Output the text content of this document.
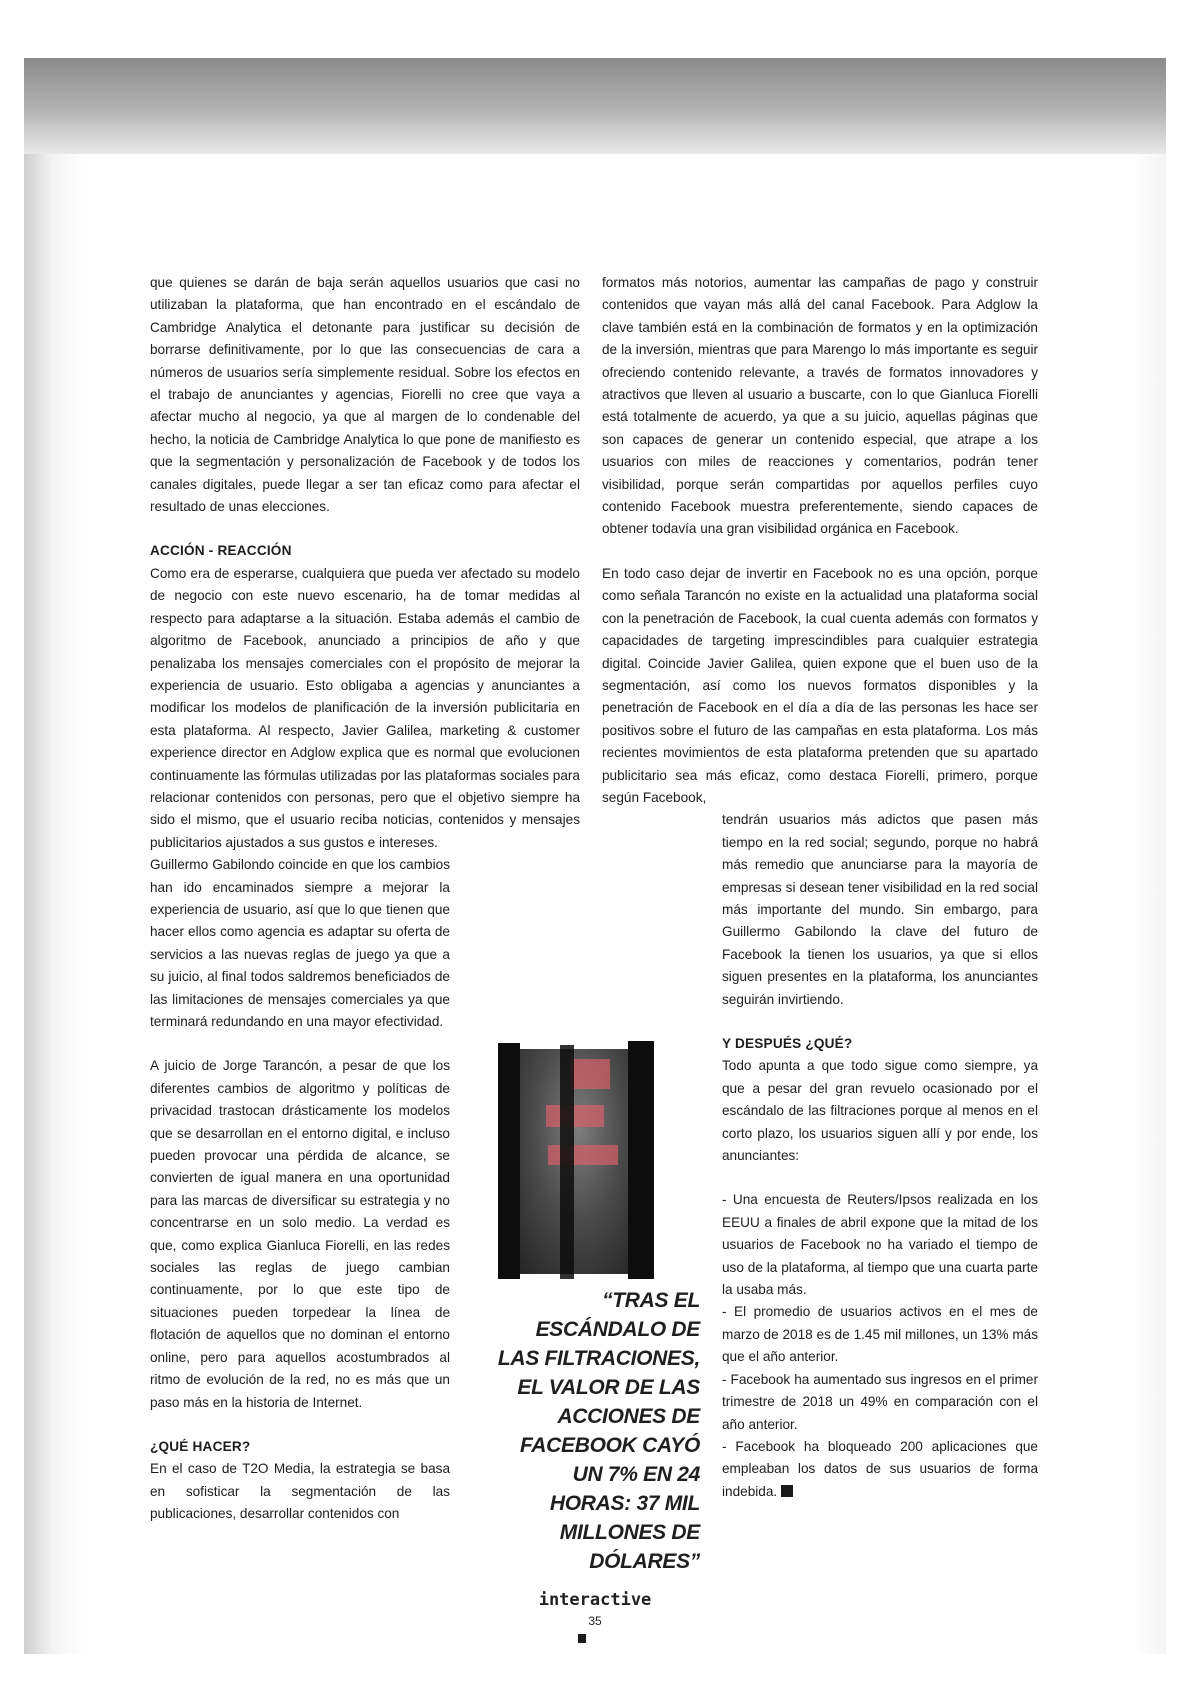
que quienes se darán de baja serán aquellos usuarios que casi no utilizaban la plataforma, que han encontrado en el escándalo de Cambridge Analytica el detonante para justificar su decisión de borrarse definitivamente, por lo que las consecuencias de cara a números de usuarios sería simplemente residual. Sobre los efectos en el trabajo de anunciantes y agencias, Fiorelli no cree que vaya a afectar mucho al negocio, ya que al margen de lo condenable del hecho, la noticia de Cambridge Analytica lo que pone de manifiesto es que la segmentación y personalización de Facebook y de todos los canales digitales, puede llegar a ser tan eficaz como para afectar el resultado de unas elecciones.

ACCIÓN - REACCIÓN

Como era de esperarse, cualquiera que pueda ver afectado su modelo de negocio con este nuevo escenario, ha de tomar medidas al respecto para adaptarse a la situación. Estaba además el cambio de algoritmo de Facebook, anunciado a principios de año y que penalizaba los mensajes comerciales con el propósito de mejorar la experiencia de usuario. Esto obligaba a agencias y anunciantes a modificar los modelos de planificación de la inversión publicitaria en esta plataforma. Al respecto, Javier Galilea, marketing & customer experience director en Adglow explica que es normal que evolucionen continuamente las fórmulas utilizadas por las plataformas sociales para relacionar contenidos con personas, pero que el objetivo siempre ha sido el mismo, que el usuario reciba noticias, contenidos y mensajes publicitarios ajustados a sus gustos e intereses.

Guillermo Gabilondo coincide en que los cambios han ido encaminados siempre a mejorar la experiencia de usuario, así que lo que tienen que hacer ellos como agencia es adaptar su oferta de servicios a las nuevas reglas de juego ya que a su juicio, al final todos saldremos beneficiados de las limitaciones de mensajes comerciales ya que terminará redundando en una mayor efectividad.

A juicio de Jorge Tarancón, a pesar de que los diferentes cambios de algoritmo y políticas de privacidad trastocan drásticamente los modelos que se desarrollan en el entorno digital, e incluso pueden provocar una pérdida de alcance, se convierten de igual manera en una oportunidad para las marcas de diversificar su estrategia y no concentrarse en un solo medio. La verdad es que, como explica Gianluca Fiorelli, en las redes sociales las reglas de juego cambian continuamente, por lo que este tipo de situaciones pueden torpedear la línea de flotación de aquellos que no dominan el entorno online, pero para aquellos acostumbrados al ritmo de evolución de la red, no es más que un paso más en la historia de Internet.

¿QUÉ HACER?

En el caso de T2O Media, la estrategia se basa en sofisticar la segmentación de las publicaciones, desarrollar contenidos con

formatos más notorios, aumentar las campañas de pago y construir contenidos que vayan más allá del canal Facebook. Para Adglow la clave también está en la combinación de formatos y en la optimización de la inversión, mientras que para Marengo lo más importante es seguir ofreciendo contenido relevante, a través de formatos innovadores y atractivos que lleven al usuario a buscarte, con lo que Gianluca Fiorelli está totalmente de acuerdo, ya que a su juicio, aquellas páginas que son capaces de generar un contenido especial, que atrape a los usuarios con miles de reacciones y comentarios, podrán tener visibilidad, porque serán compartidas por aquellos perfiles cuyo contenido Facebook muestra preferentemente, siendo capaces de obtener todavía una gran visibilidad orgánica en Facebook.

En todo caso dejar de invertir en Facebook no es una opción, porque como señala Tarancón no existe en la actualidad una plataforma social con la penetración de Facebook, la cual cuenta además con formatos y capacidades de targeting imprescindibles para cualquier estrategia digital. Coincide Javier Galilea, quien expone que el buen uso de la segmentación, así como los nuevos formatos disponibles y la penetración de Facebook en el día a día de las personas les hace ser positivos sobre el futuro de las campañas en esta plataforma. Los más recientes movimientos de esta plataforma pretenden que su apartado publicitario sea más eficaz, como destaca Fiorelli, primero, porque según Facebook,

tendrán usuarios más adictos que pasen más tiempo en la red social; segundo, porque no habrá más remedio que anunciarse para la mayoría de empresas si desean tener visibilidad en la red social más importante del mundo. Sin embargo, para Guillermo Gabilondo la clave del futuro de Facebook la tienen los usuarios, ya que si ellos siguen presentes en la plataforma, los anunciantes seguirán invirtiendo.

Y DESPUÉS ¿QUÉ?

Todo apunta a que todo sigue como siempre, ya que a pesar del gran revuelo ocasionado por el escándalo de las filtraciones porque al menos en el corto plazo, los usuarios siguen allí y por ende, los anunciantes:

- Una encuesta de Reuters/Ipsos realizada en los EEUU a finales de abril expone que la mitad de los usuarios de Facebook no ha variado el tiempo de uso de la plataforma, al tiempo que una cuarta parte la usaba más.
- El promedio de usuarios activos en el mes de marzo de 2018 es de 1.45 mil millones, un 13% más que el año anterior.
- Facebook ha aumentado sus ingresos en el primer trimestre de 2018 un 49% en comparación con el año anterior.
- Facebook ha bloqueado 200 aplicaciones que empleaban los datos de sus usuarios de forma indebida.
“TRAS EL ESCÁNDALO DE LAS FILTRACIONES, EL VALOR DE LAS ACCIONES DE FACEBOOK CAYÓ UN 7% EN 24 HORAS: 37 MIL MILLONES DE DÓLARES”
interactive
35
